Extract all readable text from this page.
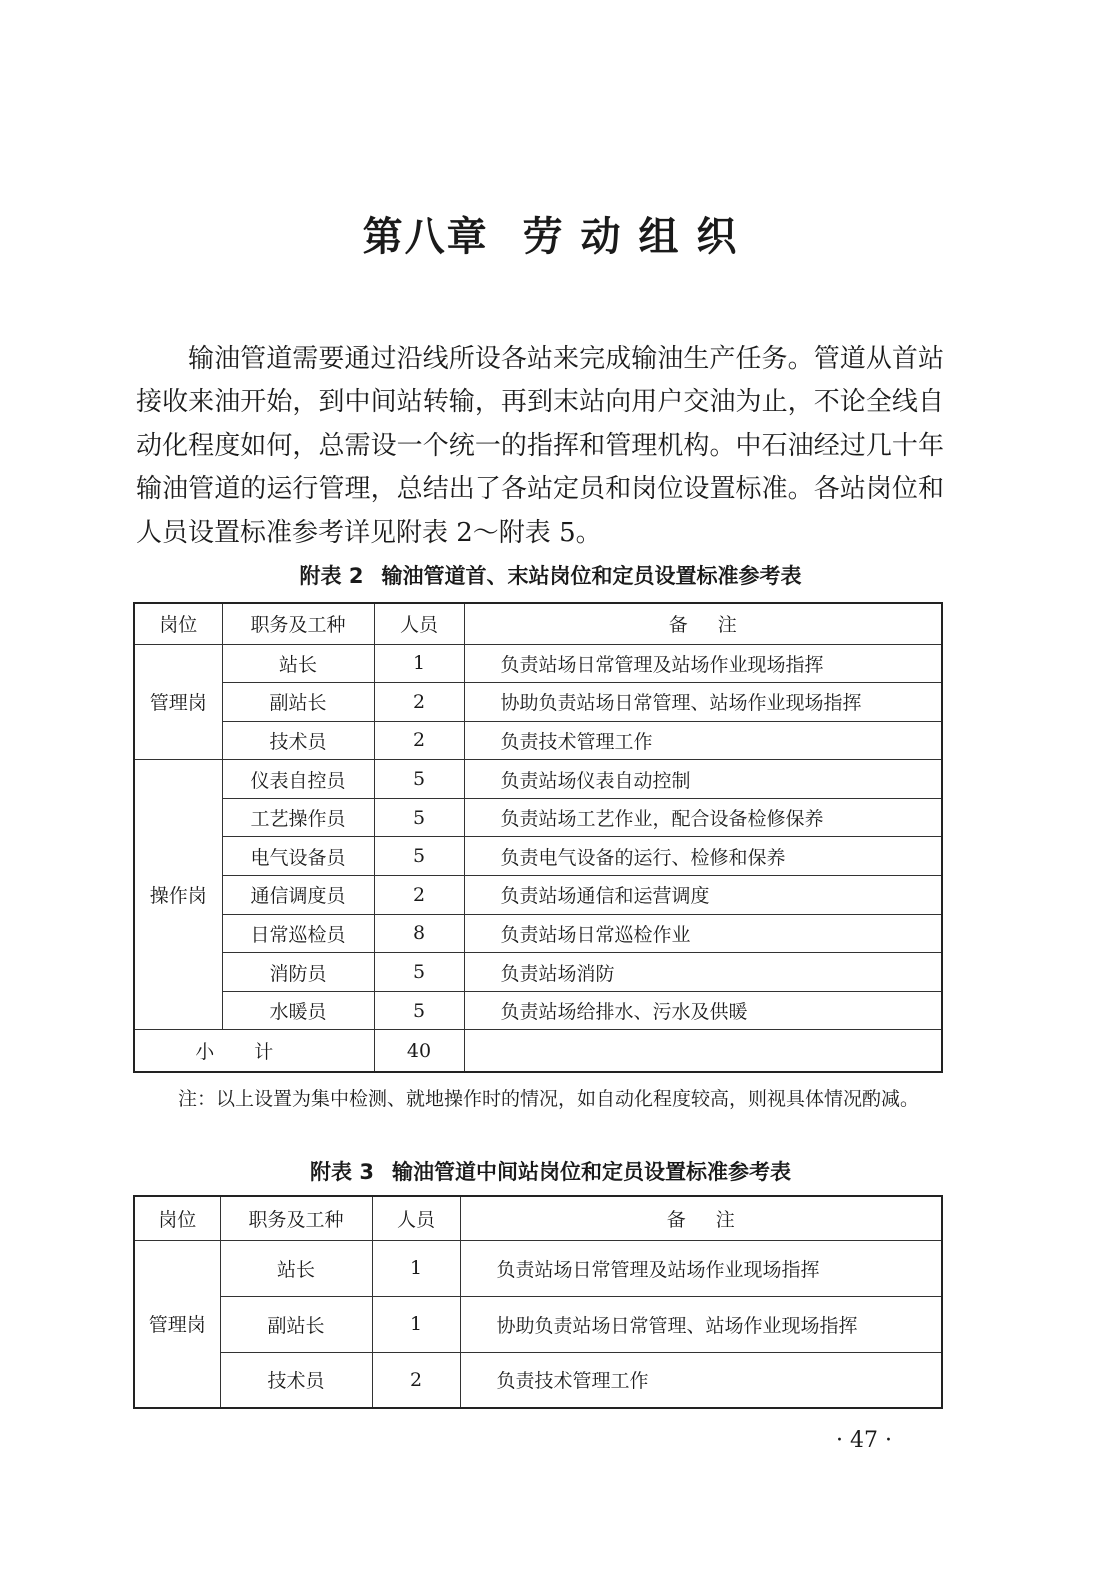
第八章 劳 动 组 织

输油管道需要通过沿线所设各站来完成输油生产任务。管道从首站接收来油开始，到中间站转输，再到末站向用户交油为止，不论全线自动化程度如何，总需设一个统一的指挥和管理机构。中石油经过几十年输油管道的运行管理，总结出了各站定员和岗位设置标准。各站岗位和人员设置标准参考详见附表 2～附表 5。

附表 2 输油管道首、末站岗位和定员设置标准参考表
岗位	职务及工种	人员	备注
管理岗	站长	1	负责站场日常管理及站场作业现场指挥
	副站长	2	协助负责站场日常管理、站场作业现场指挥
	技术员	2	负责技术管理工作
操作岗	仪表自控员	5	负责站场仪表自动控制
	工艺操作员	5	负责站场工艺作业，配合设备检修保养
	电气设备员	5	负责电气设备的运行、检修和保养
	通信调度员	2	负责站场通信和运营调度
	日常巡检员	8	负责站场日常巡检作业
	消防员	5	负责站场消防
	水暖员	5	负责站场给排水、污水及供暖
小计		40	
注：以上设置为集中检测、就地操作时的情况，如自动化程度较高，则视具体情况酌减。
附表 3 输油管道中间站岗位和定员设置标准参考表
岗位	职务及工种	人员	备注
管理岗	站长	1	负责站场日常管理及站场作业现场指挥
	副站长	1	协助负责站场日常管理、站场作业现场指挥
	技术员	2	负责技术管理工作
· 47 ·
